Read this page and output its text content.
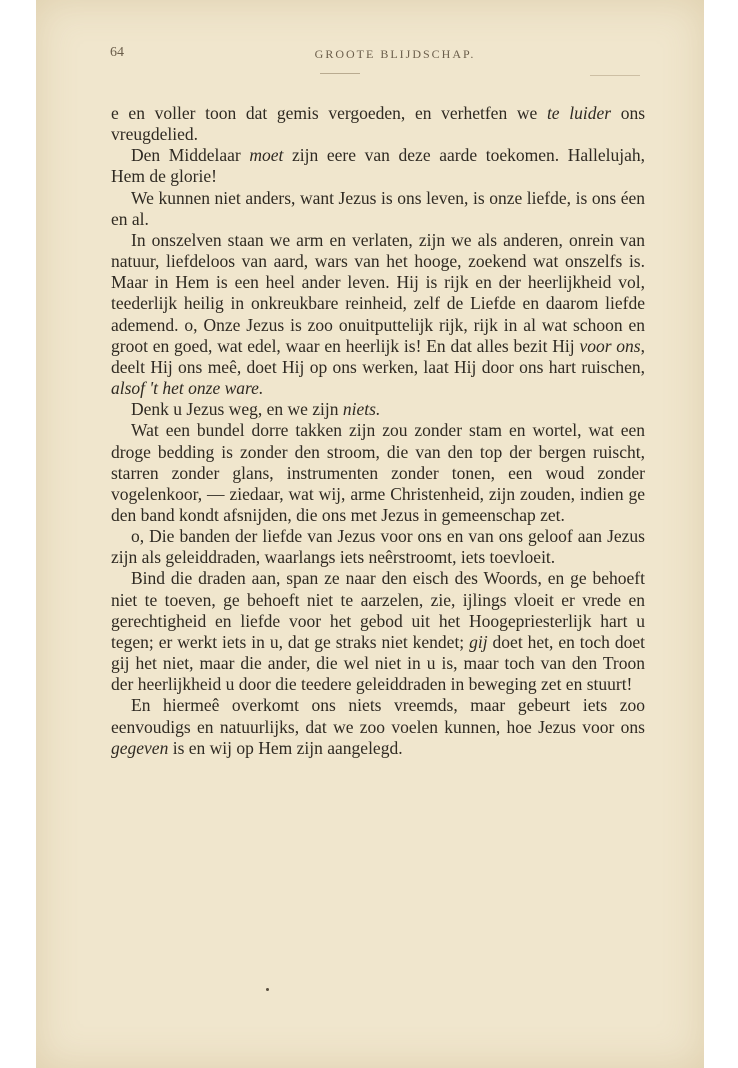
64	GROOTE BLIJDSCHAP.

e en voller toon dat gemis vergoeden, en verhetfen we te luider ons vreugdelied.

Den Middelaar moet zijn eere van deze aarde toekomen. Hallelujah, Hem de glorie!

We kunnen niet anders, want Jezus is ons leven, is onze liefde, is ons éen en al.

In onszelven staan we arm en verlaten, zijn we als anderen, onrein van natuur, liefdeloos van aard, wars van het hooge, zoekend wat onszelfs is. Maar in Hem is een heel ander leven. Hij is rijk en der heerlijkheid vol, teederlijk heilig in onkreukbare reinheid, zelf de Liefde en daarom liefde ademend. o, Onze Jezus is zoo onuitputtelijk rijk, rijk in al wat schoon en groot en goed, wat edel, waar en heerlijk is! En dat alles bezit Hij voor ons, deelt Hij ons meê, doet Hij op ons werken, laat Hij door ons hart ruischen, alsof 't het onze ware.

Denk u Jezus weg, en we zijn niets.

Wat een bundel dorre takken zijn zou zonder stam en wortel, wat een droge bedding is zonder den stroom, die van den top der bergen ruischt, starren zonder glans, instrumenten zonder tonen, een woud zonder vogelenkoor, — ziedaar, wat wij, arme Christenheid, zijn zouden, indien ge den band kondt afsnijden, die ons met Jezus in gemeenschap zet.

o, Die banden der liefde van Jezus voor ons en van ons geloof aan Jezus zijn als geleiddraden, waarlangs iets neêrstroomt, iets toevloeit.

Bind die draden aan, span ze naar den eisch des Woords, en ge behoeft niet te toeven, ge behoeft niet te aarzelen, zie, ijlings vloeit er vrede en gerechtigheid en liefde voor het gebod uit het Hoogepriesterlijk hart u tegen; er werkt iets in u, dat ge straks niet kendet; gij doet het, en toch doet gij het niet, maar die ander, die wel niet in u is, maar toch van den Troon der heerlijkheid u door die teedere geleiddraden in beweging zet en stuurt!

En hiermeê overkomt ons niets vreemds, maar gebeurt iets zoo eenvoudigs en natuurlijks, dat we zoo voelen kunnen, hoe Jezus voor ons gegeven is en wij op Hem zijn aangelegd.
